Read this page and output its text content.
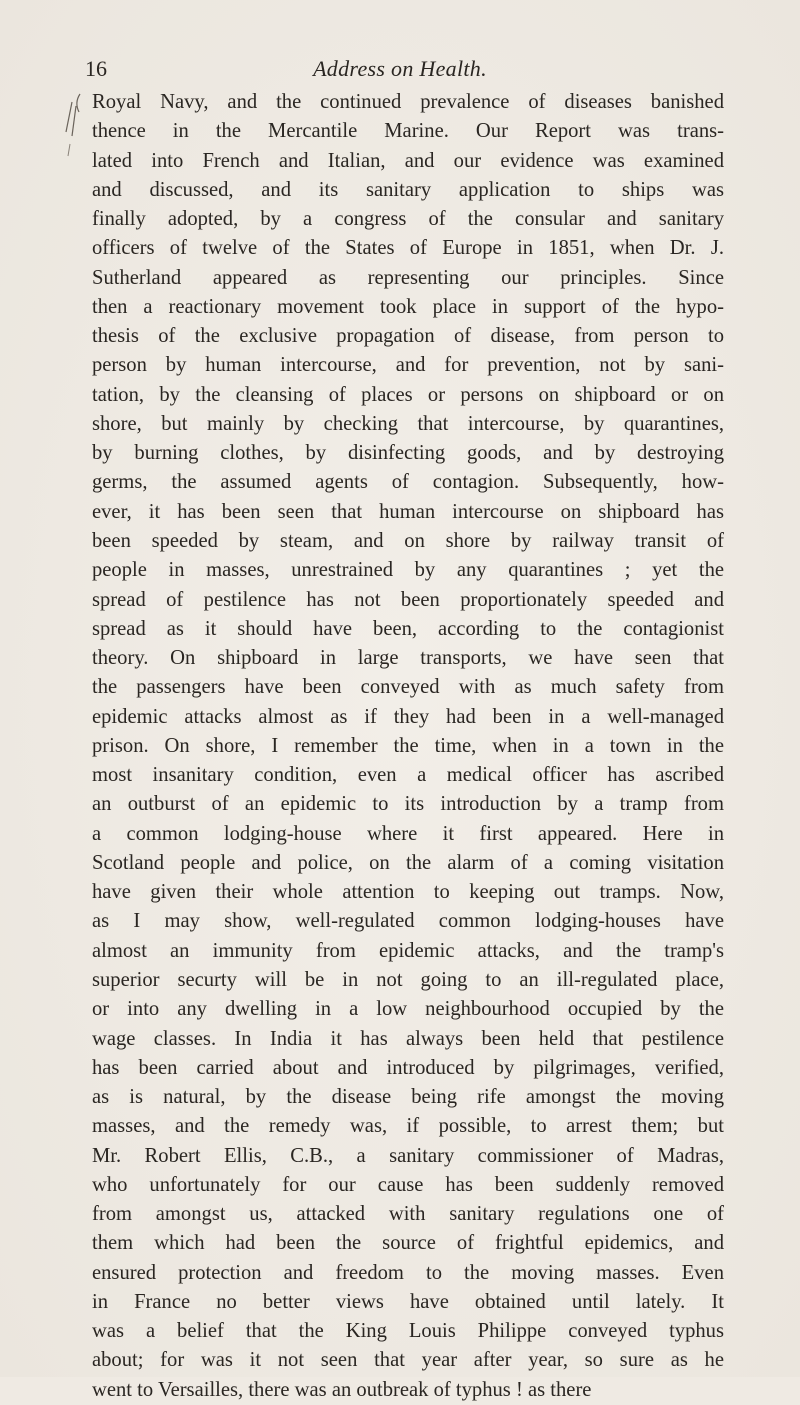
16	Address on Health.
Royal Navy, and the continued prevalence of diseases banished
thence in the Mercantile Marine. Our Report was trans-
lated into French and Italian, and our evidence was examined
and discussed, and its sanitary application to ships was
finally adopted, by a congress of the consular and sanitary
officers of twelve of the States of Europe in 1851, when Dr. J.
Sutherland appeared as representing our principles. Since
then a reactionary movement took place in support of the hypo-
thesis of the exclusive propagation of disease, from person to
person by human intercourse, and for prevention, not by sani-
tation, by the cleansing of places or persons on shipboard or on
shore, but mainly by checking that intercourse, by quarantines,
by burning clothes, by disinfecting goods, and by destroying
germs, the assumed agents of contagion. Subsequently, how-
ever, it has been seen that human intercourse on shipboard has
been speeded by steam, and on shore by railway transit of
people in masses, unrestrained by any quarantines ; yet the
spread of pestilence has not been proportionately speeded and
spread as it should have been, according to the contagionist
theory. On shipboard in large transports, we have seen that
the passengers have been conveyed with as much safety from
epidemic attacks almost as if they had been in a well-managed
prison. On shore, I remember the time, when in a town in the
most insanitary condition, even a medical officer has ascribed
an outburst of an epidemic to its introduction by a tramp from
a common lodging-house where it first appeared. Here in
Scotland people and police, on the alarm of a coming visitation
have given their whole attention to keeping out tramps. Now,
as I may show, well-regulated common lodging-houses have
almost an immunity from epidemic attacks, and the tramp's
superior securty will be in not going to an ill-regulated place,
or into any dwelling in a low neighbourhood occupied by the
wage classes. In India it has always been held that pestilence
has been carried about and introduced by pilgrimages, verified,
as is natural, by the disease being rife amongst the moving
masses, and the remedy was, if possible, to arrest them; but
Mr. Robert Ellis, C.B., a sanitary commissioner of Madras,
who unfortunately for our cause has been suddenly removed
from amongst us, attacked with sanitary regulations one of
them which had been the source of frightful epidemics, and
ensured protection and freedom to the moving masses. Even
in France no better views have obtained until lately. It
was a belief that the King Louis Philippe conveyed typhus
about; for was it not seen that year after year, so sure as he
went to Versailles, there was an outbreak of typhus ! as there
